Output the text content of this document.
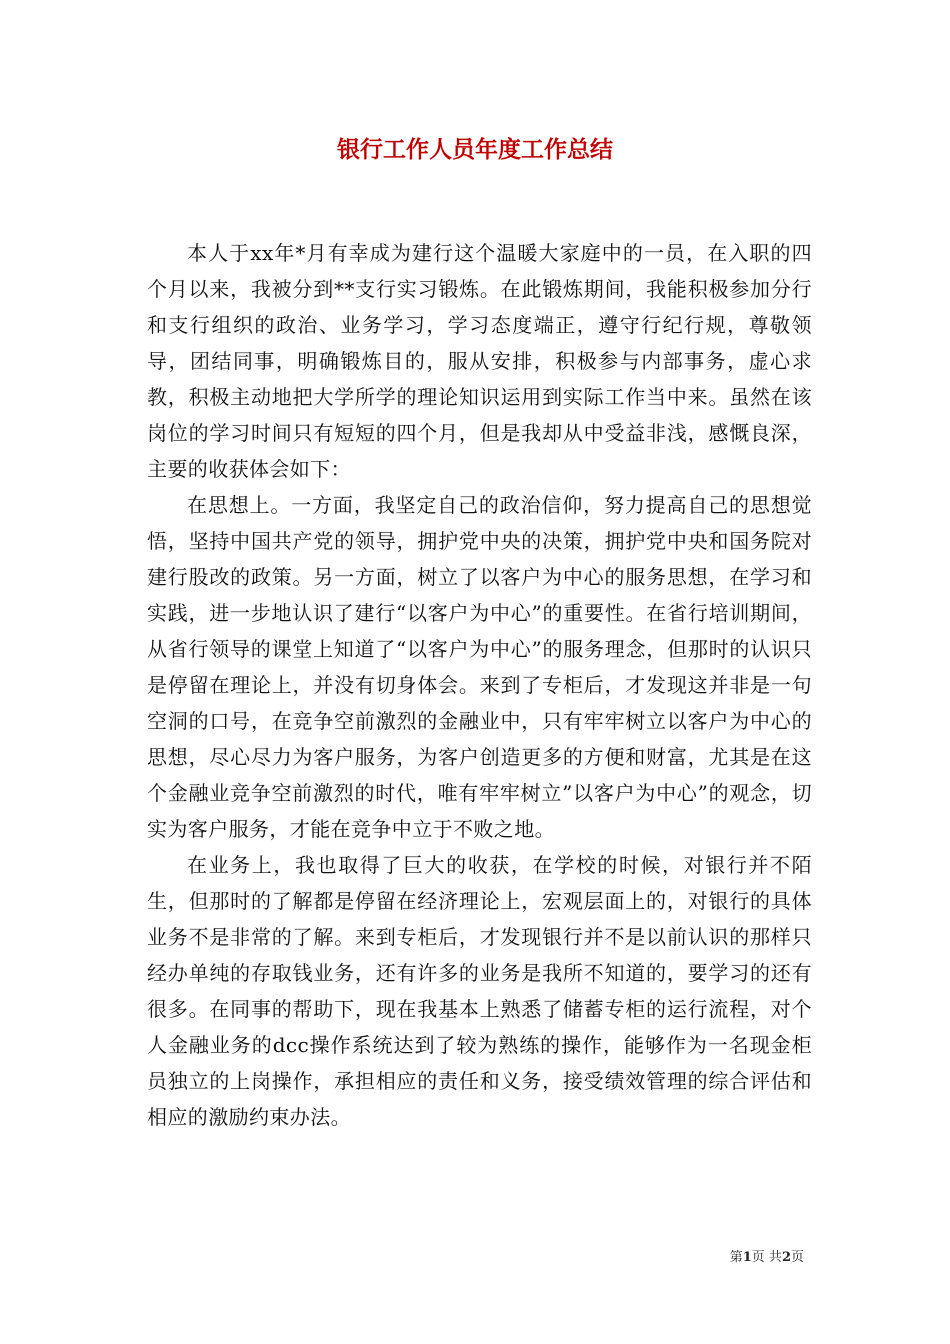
银行工作人员年度工作总结

本人于xx年*月有幸成为建行这个温暖大家庭中的一员，在入职的四个月以来，我被分到**支行实习锻炼。在此锻炼期间，我能积极参加分行和支行组织的政治、业务学习，学习态度端正，遵守行纪行规，尊敬领导，团结同事，明确锻炼目的，服从安排，积极参与内部事务，虚心求教，积极主动地把大学所学的理论知识运用到实际工作当中来。虽然在该岗位的学习时间只有短短的四个月，但是我却从中受益非浅，感慨良深，主要的收获体会如下：

在思想上。一方面，我坚定自己的政治信仰，努力提高自己的思想觉悟，坚持中国共产党的领导，拥护党中央的决策，拥护党中央和国务院对建行股改的政策。另一方面，树立了以客户为中心的服务思想，在学习和实践，进一步地认识了建行“以客户为中心”的重要性。在省行培训期间，从省行领导的课堂上知道了“以客户为中心”的服务理念，但那时的认识只是停留在理论上，并没有切身体会。来到了专柜后，才发现这并非是一句空洞的口号，在竞争空前激烈的金融业中，只有牢牢树立以客户为中心的思想，尽心尽力为客户服务，为客户创造更多的方便和财富，尤其是在这个金融业竞争空前激烈的时代，唯有牢牢树立”以客户为中心”的观念，切实为客户服务，才能在竞争中立于不败之地。

在业务上，我也取得了巨大的收获，在学校的时候，对银行并不陌生，但那时的了解都是停留在经济理论上，宏观层面上的，对银行的具体业务不是非常的了解。来到专柜后，才发现银行并不是以前认识的那样只经办单纯的存取钱业务，还有许多的业务是我所不知道的，要学习的还有很多。在同事的帮助下，现在我基本上熟悉了储蓄专柜的运行流程，对个人金融业务的dcc操作系统达到了较为熟练的操作，能够作为一名现金柜员独立的上岗操作，承担相应的责任和义务，接受绩效管理的综合评估和相应的激励约束办法。

第1页 共2页
